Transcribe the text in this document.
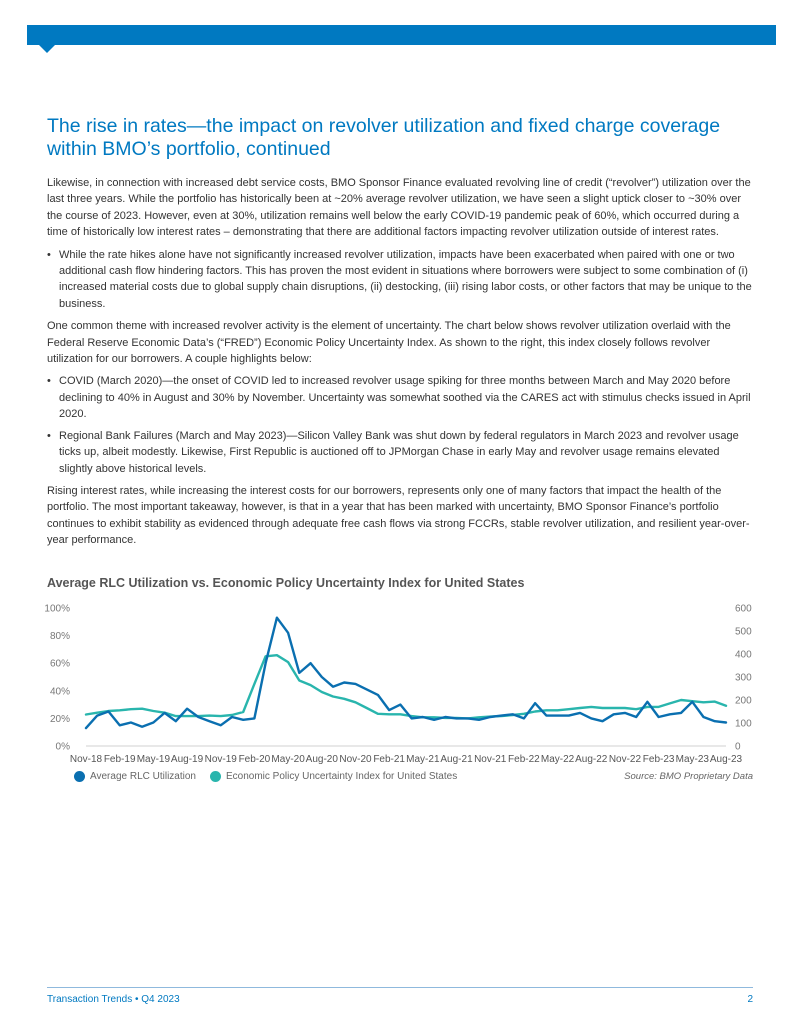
The rise in rates—the impact on revolver utilization and fixed charge coverage within BMO’s portfolio, continued

Likewise, in connection with increased debt service costs, BMO Sponsor Finance evaluated revolving line of credit (“revolver”) utilization over the last three years. While the portfolio has historically been at ~20% average revolver utilization, we have seen a slight uptick closer to ~30% over the course of 2023. However, even at 30%, utilization remains well below the early COVID-19 pandemic peak of 60%, which occurred during a time of historically low interest rates – demonstrating that there are additional factors impacting revolver utilization outside of interest rates.

• While the rate hikes alone have not significantly increased revolver utilization, impacts have been exacerbated when paired with one or two additional cash flow hindering factors. This has proven the most evident in situations where borrowers were subject to some combination of (i) increased material costs due to global supply chain disruptions, (ii) destocking, (iii) rising labor costs, or other factors that may be unique to the business.

One common theme with increased revolver activity is the element of uncertainty. The chart below shows revolver utilization overlaid with the Federal Reserve Economic Data’s (“FRED”) Economic Policy Uncertainty Index. As shown to the right, this index closely follows revolver utilization for our borrowers. A couple highlights below:

• COVID (March 2020)—the onset of COVID led to increased revolver usage spiking for three months between March and May 2020 before declining to 40% in August and 30% by November. Uncertainty was somewhat soothed via the CARES act with stimulus checks issued in April 2020.
• Regional Bank Failures (March and May 2023)—Silicon Valley Bank was shut down by federal regulators in March 2023 and revolver usage ticks up, albeit modestly. Likewise, First Republic is auctioned off to JPMorgan Chase in early May and revolver usage remains elevated slightly above historical levels.

Rising interest rates, while increasing the interest costs for our borrowers, represents only one of many factors that impact the health of the portfolio. The most important takeaway, however, is that in a year that has been marked with uncertainty, BMO Sponsor Finance’s portfolio continues to exhibit stability as evidenced through adequate free cash flows via strong FCCRs, stable revolver utilization, and resilient year-over-year performance.

Average RLC Utilization vs. Economic Policy Uncertainty Index for United States
0%
20%
40%
60%
80%
100%
0
100
200
300
400
500
600
Nov-18 Feb-19 May-19 Aug-19 Nov-19 Feb-20 May-20 Aug-20 Nov-20 Feb-21 May-21 Aug-21 Nov-21 Feb-22 May-22 Aug-22 Nov-22 Feb-23 May-23 Aug-23
Average RLC Utilization	Economic Policy Uncertainty Index for United States	Source: BMO Proprietary Data
Transaction Trends • Q4 2023	2
